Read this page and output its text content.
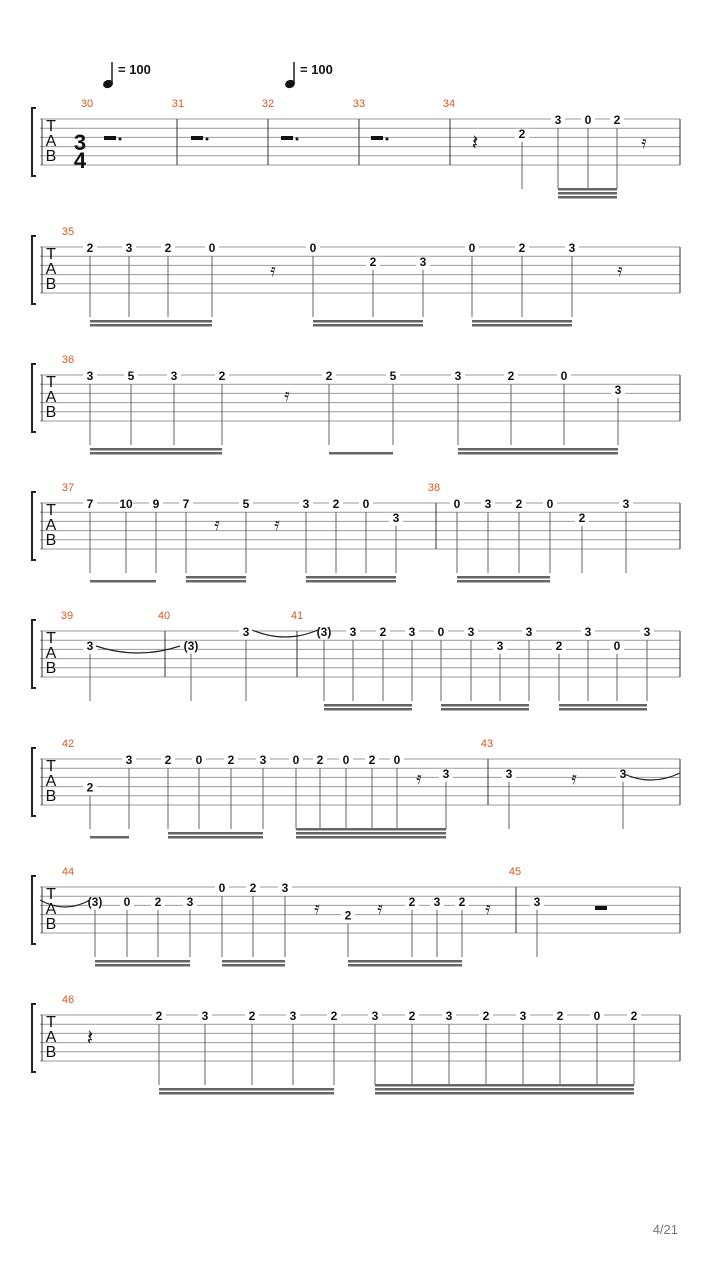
T
A
B
30	31	32	33	34
2
3 0 2
T
A
B
35
2	3	2	0	0
2	3
0	2	3
T
A
B
36
3	5	3	2	2	5	3	2	0
3
T
A
B
37	38
7 10 9 7	5	3 2 0
3
0 3 2 0
2
3
T
A
B
39	40	41
3	(3)
3	(3) 3 2 3 0 3
3
3
2
3
0
3
T
A
B
42	43
2
3	2 0 2 3 0 2 0 2 0
3	3	3
T
A
B
44	45
(3) 0 2 3
0 2 3
2
2 3 2	3
T
A
B
46
2	3	2	3	2	3	2	3	2	3	2	0	2
3
4
= 100	= 100
𝄿
𝄿
𝄿
𝄿	𝄿
𝄿	𝄿
𝄿	𝄿	𝄿
𝄿
𝄽
𝄽
4/21
